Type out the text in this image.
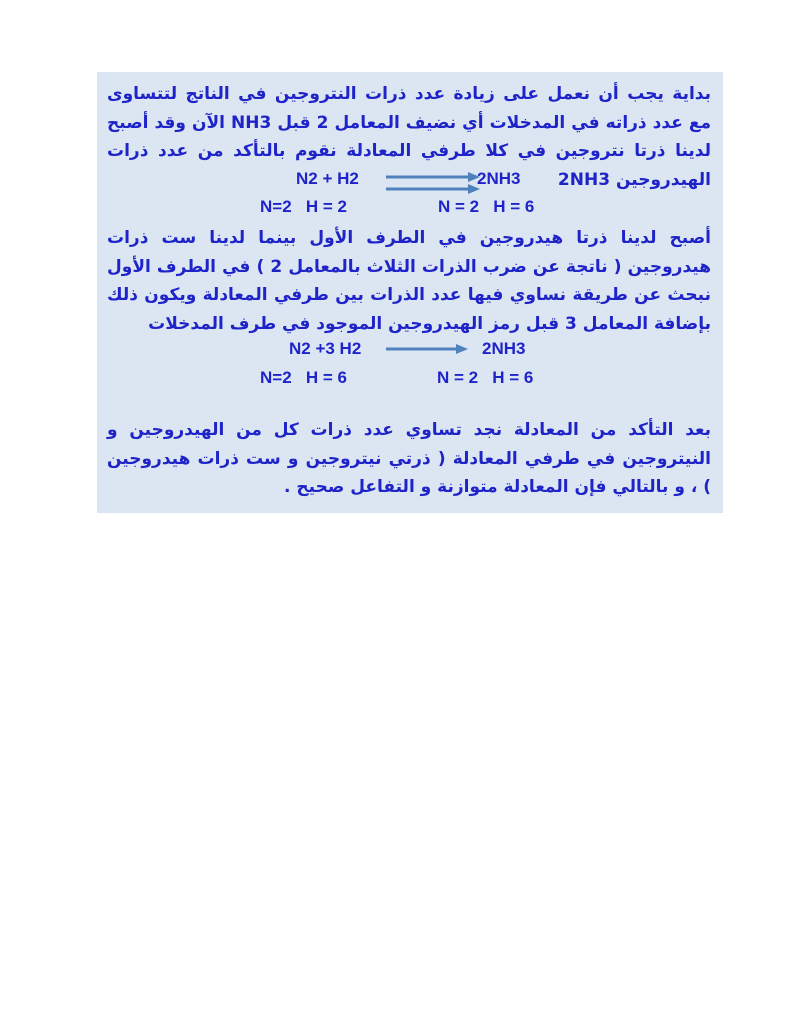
بداية يجب أن نعمل على زيادة عدد ذرات النتروجين في الناتج لتتساوى مع عدد ذراته في المدخلات أي نضيف المعامل 2 قبل NH3 الآن وقد أصبح لدينا ذرتا نتروجين في كلا طرفي المعادلة نقوم بالتأكد من عدد ذرات الهيدروجين 2NH3
N2 + H2	2NH3
N=2   H = 2	N = 2   H = 6
أصبح لدينا ذرتا هيدروجين في الطرف الأول بينما لدينا ست ذرات هيدروجين ( ناتجة عن ضرب الذرات الثلاث بالمعامل 2 ) في الطرف الأول نبحث عن طريقة نساوي فيها عدد الذرات بين طرفي المعادلة ويكون ذلك بإضافة المعامل 3 قبل رمز الهيدروجين الموجود في طرف المدخلات
N2 +3 H2	2NH3
N=2   H = 6	N = 2   H = 6
بعد التأكد من المعادلة نجد تساوي عدد ذرات كل من الهيدروجين و النيتروجين في طرفي المعادلة ( ذرتي نيتروجين و ست ذرات هيدروجين ) ، و بالتالي فإن المعادلة متوازنة و التفاعل صحيح .
